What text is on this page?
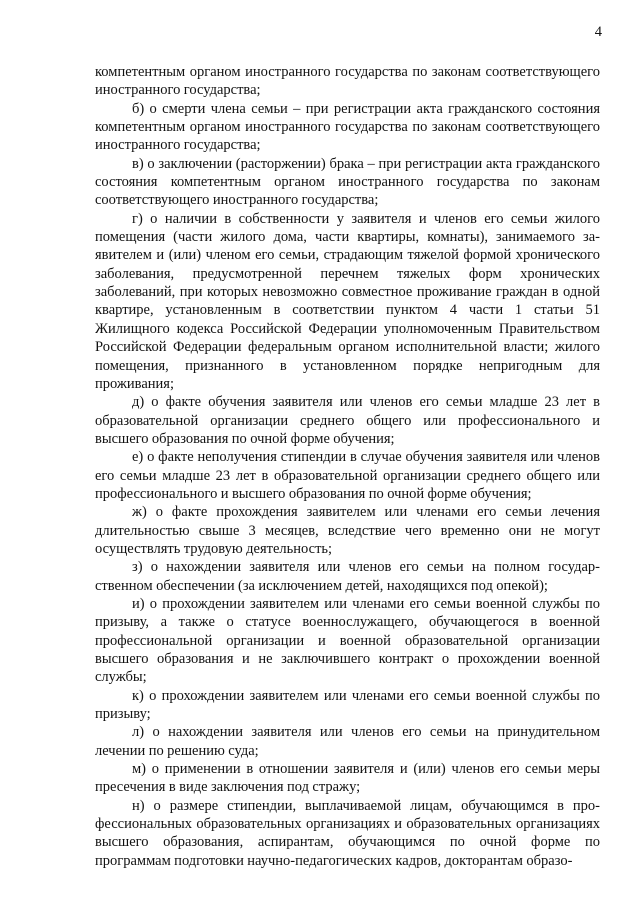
4

компетентным органом иностранного государства по законам соответствующего иностранного государства;

б) о смерти члена семьи – при регистрации акта гражданского состояния компетентным органом иностранного государства по законам соответствующего иностранного государства;

в) о заключении (расторжении) брака – при регистрации акта гражданского состояния компетентным органом иностранного государства по законам соответствующего иностранного государства;

г) о наличии в собственности у заявителя и членов его семьи жилого помещения (части жилого дома, части квартиры, комнаты), занимаемого заявителем и (или) членом его семьи, страдающим тяжелой формой хронического заболевания, предусмотренной перечнем тяжелых форм хронических заболеваний, при которых невозможно совместное проживание граждан в одной квартире, установленным в соответствии пунктом 4 части 1 статьи 51 Жилищного кодекса Российской Федерации уполномоченным Правительством Российской Федерации федеральным органом исполнительной власти; жилого помещения, признанного в установленном порядке непригодным для проживания;

д) о факте обучения заявителя или членов его семьи младше 23 лет в образовательной организации среднего общего или профессионального и высшего образования по очной форме обучения;

е) о факте неполучения стипендии в случае обучения заявителя или членов его семьи младше 23 лет в образовательной организации среднего общего или профессионального и высшего образования по очной форме обучения;

ж) о факте прохождения заявителем или членами его семьи лечения длительностью свыше 3 месяцев, вследствие чего временно они не могут осуществлять трудовую деятельность;

з) о нахождении заявителя или членов его семьи на полном государственном обеспечении (за исключением детей, находящихся под опекой);

и) о прохождении заявителем или членами его семьи военной службы по призыву, а также о статусе военнослужащего, обучающегося в военной профессиональной организации и военной образовательной организации высшего образования и не заключившего контракт о прохождении военной службы;

к) о прохождении заявителем или членами его семьи военной службы по призыву;

л) о нахождении заявителя или членов его семьи на принудительном лечении по решению суда;

м) о применении в отношении заявителя и (или) членов его семьи меры пресечения в виде заключения под стражу;

н) о размере стипендии, выплачиваемой лицам, обучающимся в профессиональных образовательных организациях и образовательных организациях высшего образования, аспирантам, обучающимся по очной форме по программам подготовки научно-педагогических кадров, докторантам образо-
